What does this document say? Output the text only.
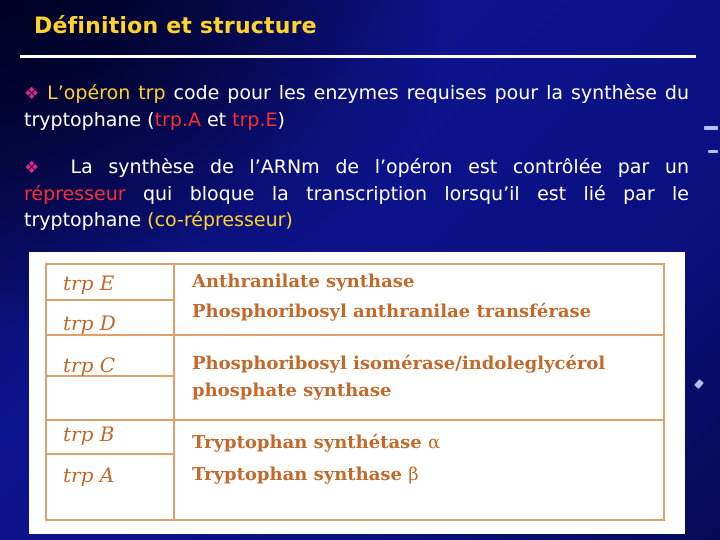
Définition et structure
❖ L’opéron trp code pour les enzymes requises pour la synthèse du tryptophane (trp.A et trp.E)
❖ La synthèse de l’ARNm de l’opéron est contrôlée par un répresseur qui bloque la transcription lorsqu’il est lié par le tryptophane (co-répresseur)
trp E
trp D
trp C
trp B
trp A
Anthranilate synthase
Phosphoribosyl anthranilae transférase
Phosphoribosyl isomérase/indoleglycérol
phosphate synthase
Tryptophan synthétase α
Tryptophan synthase β
